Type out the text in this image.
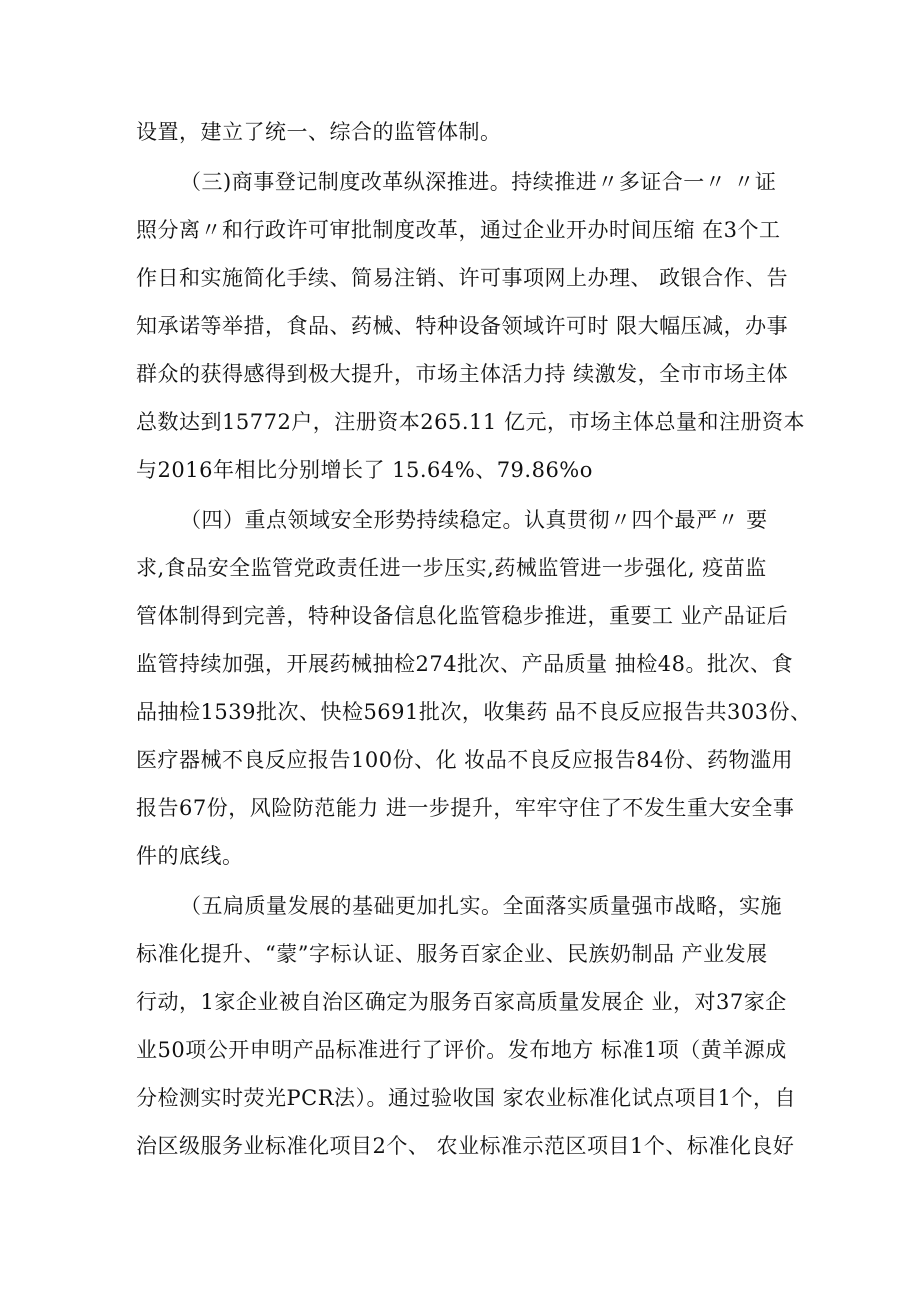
设置，建立了统一、综合的监管体制。
（三)商事登记制度改革纵深推进。持续推进〃多证合一〃 〃证
照分离〃和行政许可审批制度改革，通过企业开办时间压缩 在3个工
作日和实施简化手续、简易注销、许可事项网上办理、 政银合作、告
知承诺等举措，食品、药械、特种设备领域许可时 限大幅压减，办事
群众的获得感得到极大提升，市场主体活力持 续激发，全市市场主体
总数达到15772户，注册资本265.11 亿元，市场主体总量和注册资本
与2016年相比分别增长了 15.64%、79.86%o
（四）重点领域安全形势持续稳定。认真贯彻〃四个最严〃 要
求,食品安全监管党政责任进一步压实,药械监管进一步强化, 疫苗监
管体制得到完善，特种设备信息化监管稳步推进，重要工 业产品证后
监管持续加强，开展药械抽检274批次、产品质量 抽检48。批次、食
品抽检1539批次、快检5691批次，收集药 品不良反应报告共303份、
医疗器械不良反应报告100份、化 妆品不良反应报告84份、药物滥用
报告67份，风险防范能力 进一步提升，牢牢守住了不发生重大安全事
件的底线。
（五扃质量发展的基础更加扎实。全面落实质量强市战略，实施
标准化提升、“蒙”字标认证、服务百家企业、民族奶制品 产业发展
行动，1家企业被自治区确定为服务百家高质量发展企 业，对37家企
业50项公开申明产品标准进行了评价。发布地方 标准1项（黄羊源成
分检测实时荧光PCR法）。通过验收国 家农业标准化试点项目1个，自
治区级服务业标准化项目2个、 农业标准示范区项目1个、标准化良好
